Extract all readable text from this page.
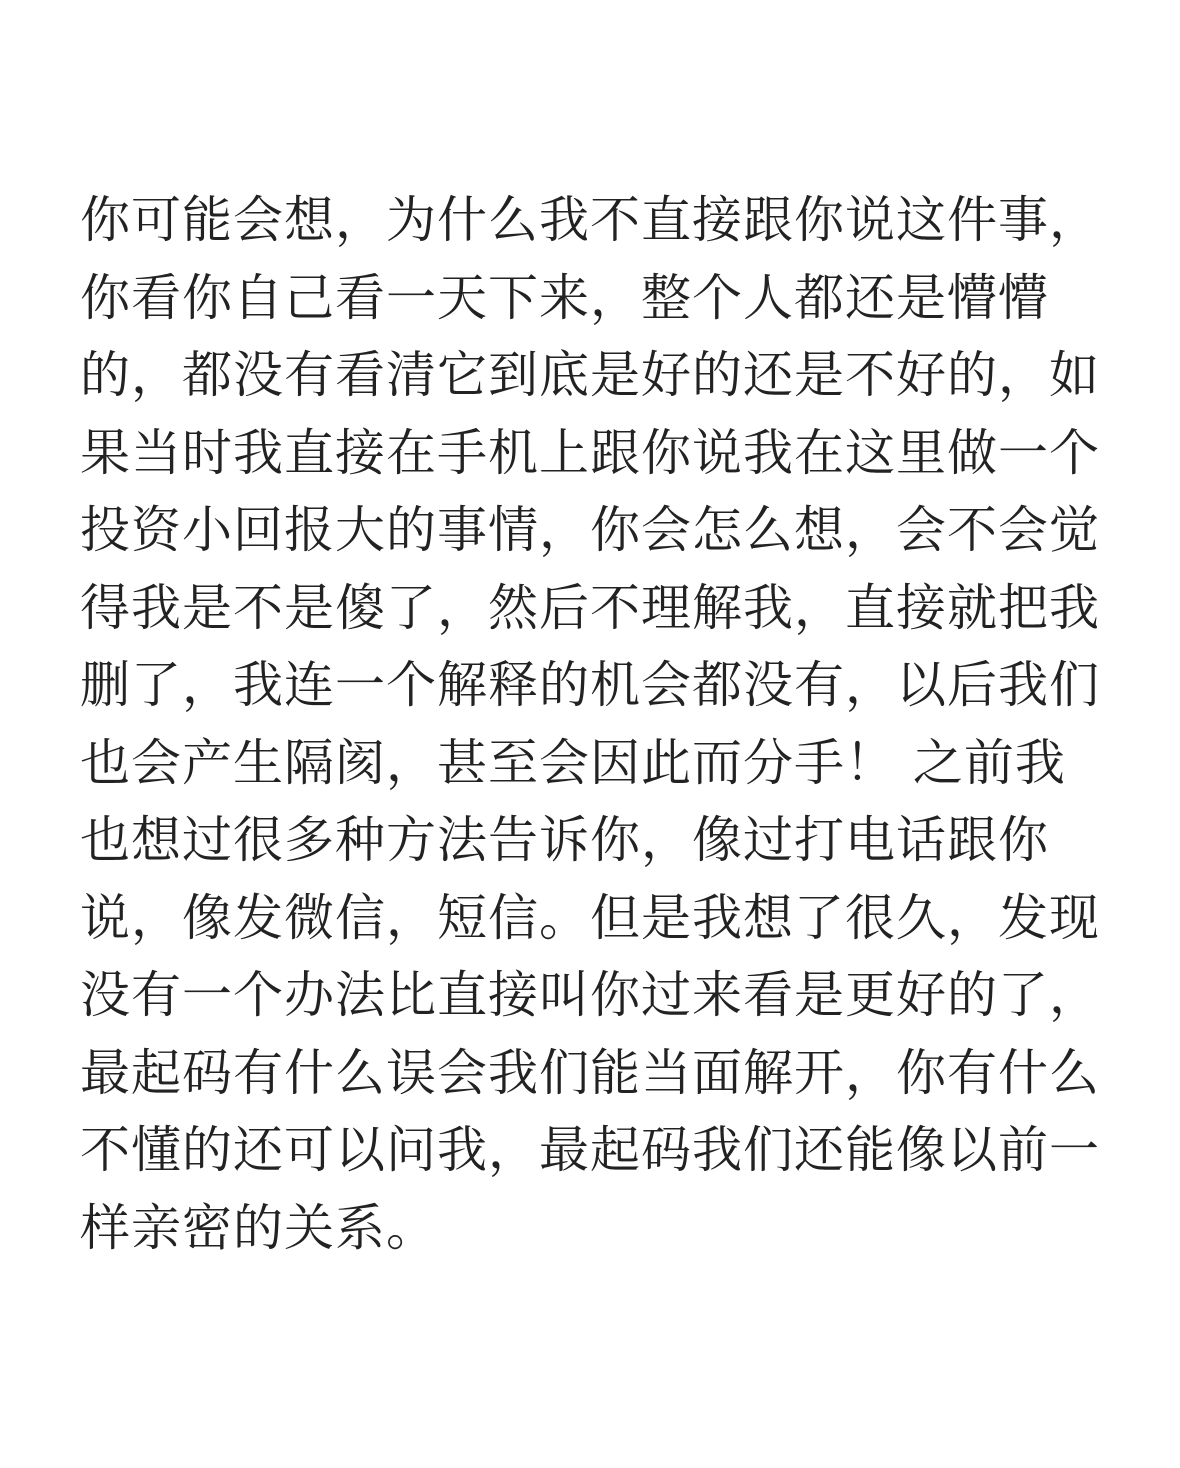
你可能会想，为什么我不直接跟你说这件事，
你看你自己看一天下来，整个人都还是懵懵
的，都没有看清它到底是好的还是不好的，如
果当时我直接在手机上跟你说我在这里做一个
投资小回报大的事情，你会怎么想，会不会觉
得我是不是傻了，然后不理解我，直接就把我
删了，我连一个解释的机会都没有，以后我们
也会产生隔阂，甚至会因此而分手！ 之前我
也想过很多种方法告诉你，像过打电话跟你
说，像发微信，短信。但是我想了很久，发现
没有一个办法比直接叫你过来看是更好的了，
最起码有什么误会我们能当面解开，你有什么
不懂的还可以问我，最起码我们还能像以前一
样亲密的关系。
